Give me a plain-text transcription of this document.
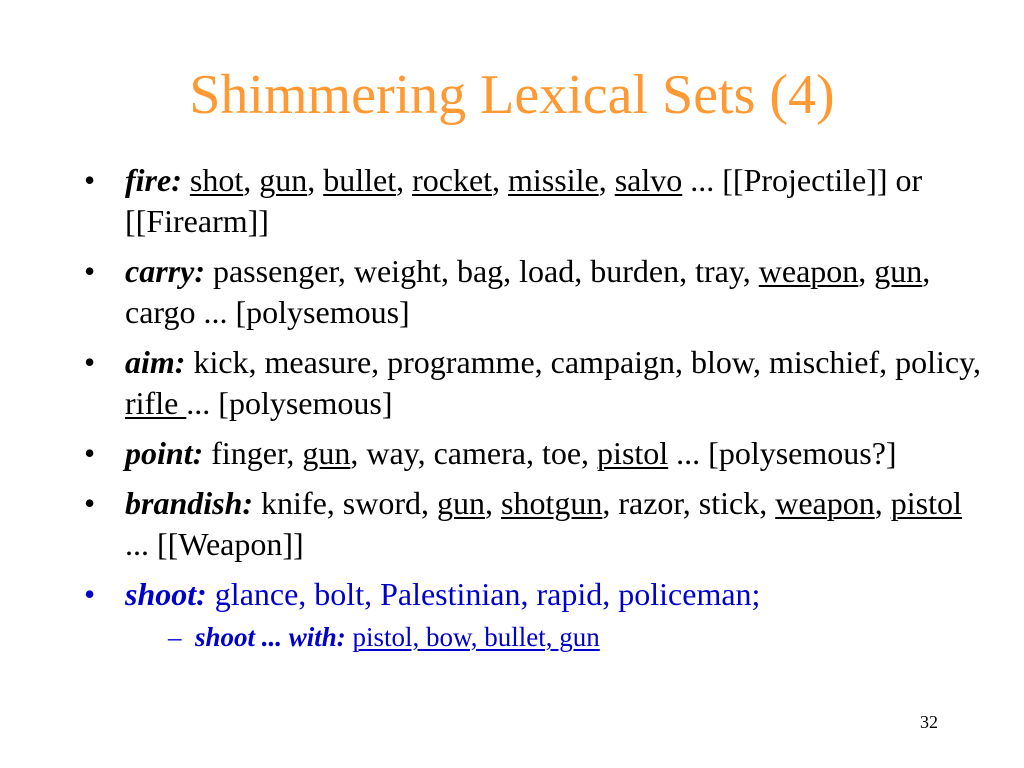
Shimmering Lexical Sets (4)
• fire: shot, gun, bullet, rocket, missile, salvo ... [[Projectile]] or [[Firearm]]
• carry: passenger, weight, bag, load, burden, tray, weapon, gun, cargo ... [polysemous]
• aim: kick, measure, programme, campaign, blow, mischief, policy, rifle ... [polysemous]
• point: finger, gun, way, camera, toe, pistol ... [polysemous?]
• brandish: knife, sword, gun, shotgun, razor, stick, weapon, pistol ... [[Weapon]]
• shoot: glance, bolt, Palestinian, rapid, policeman;
– shoot ... with: pistol, bow, bullet, gun
32
